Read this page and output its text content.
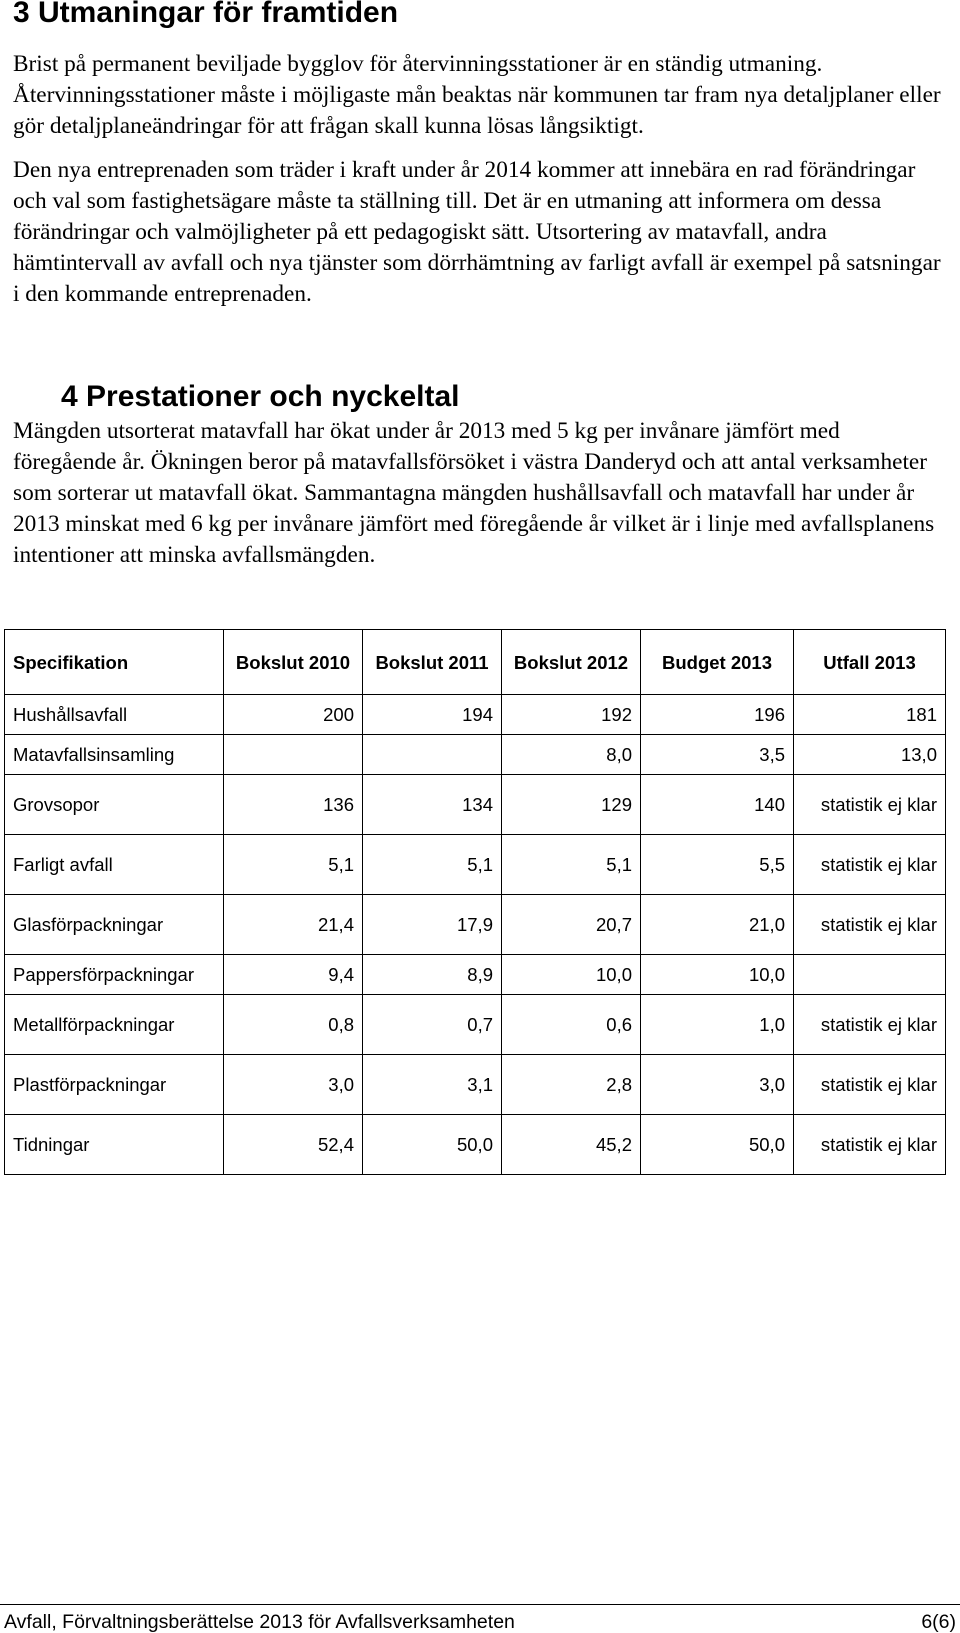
3 Utmaningar för framtiden

Brist på permanent beviljade bygglov för återvinningsstationer är en ständig utmaning. Återvinningsstationer måste i möjligaste mån beaktas när kommunen tar fram nya detaljplaner eller gör detaljplaneändringar för att frågan skall kunna lösas långsiktigt.

Den nya entreprenaden som träder i kraft under år 2014 kommer att innebära en rad förändringar och val som fastighetsägare måste ta ställning till. Det är en utmaning att informera om dessa förändringar och valmöjligheter på ett pedagogiskt sätt. Utsortering av matavfall, andra hämtintervall av avfall och nya tjänster som dörrhämtning av farligt avfall är exempel på satsningar i den kommande entreprenaden.

4 Prestationer och nyckeltal

Mängden utsorterat matavfall har ökat under år 2013 med 5 kg per invånare jämfört med föregående år. Ökningen beror på matavfallsförsöket i västra Danderyd och att antal verksamheter som sorterar ut matavfall ökat. Sammantagna mängden hushållsavfall och matavfall har under år 2013 minskat med 6 kg per invånare jämfört med föregående år vilket är i linje med avfallsplanens intentioner att minska avfallsmängden.

Specifikation	Bokslut 2010	Bokslut 2011	Bokslut 2012	Budget 2013	Utfall 2013
Hushållsavfall	200	194	192	196	181
Matavfallsinsamling			8,0	3,5	13,0
Grovsopor	136	134	129	140	statistik ej klar
Farligt avfall	5,1	5,1	5,1	5,5	statistik ej klar
Glasförpackningar	21,4	17,9	20,7	21,0	statistik ej klar
Pappersförpackningar	9,4	8,9	10,0	10,0	
Metallförpackningar	0,8	0,7	0,6	1,0	statistik ej klar
Plastförpackningar	3,0	3,1	2,8	3,0	statistik ej klar
Tidningar	52,4	50,0	45,2	50,0	statistik ej klar
Avfall, Förvaltningsberättelse 2013 för Avfallsverksamheten	6(6)
